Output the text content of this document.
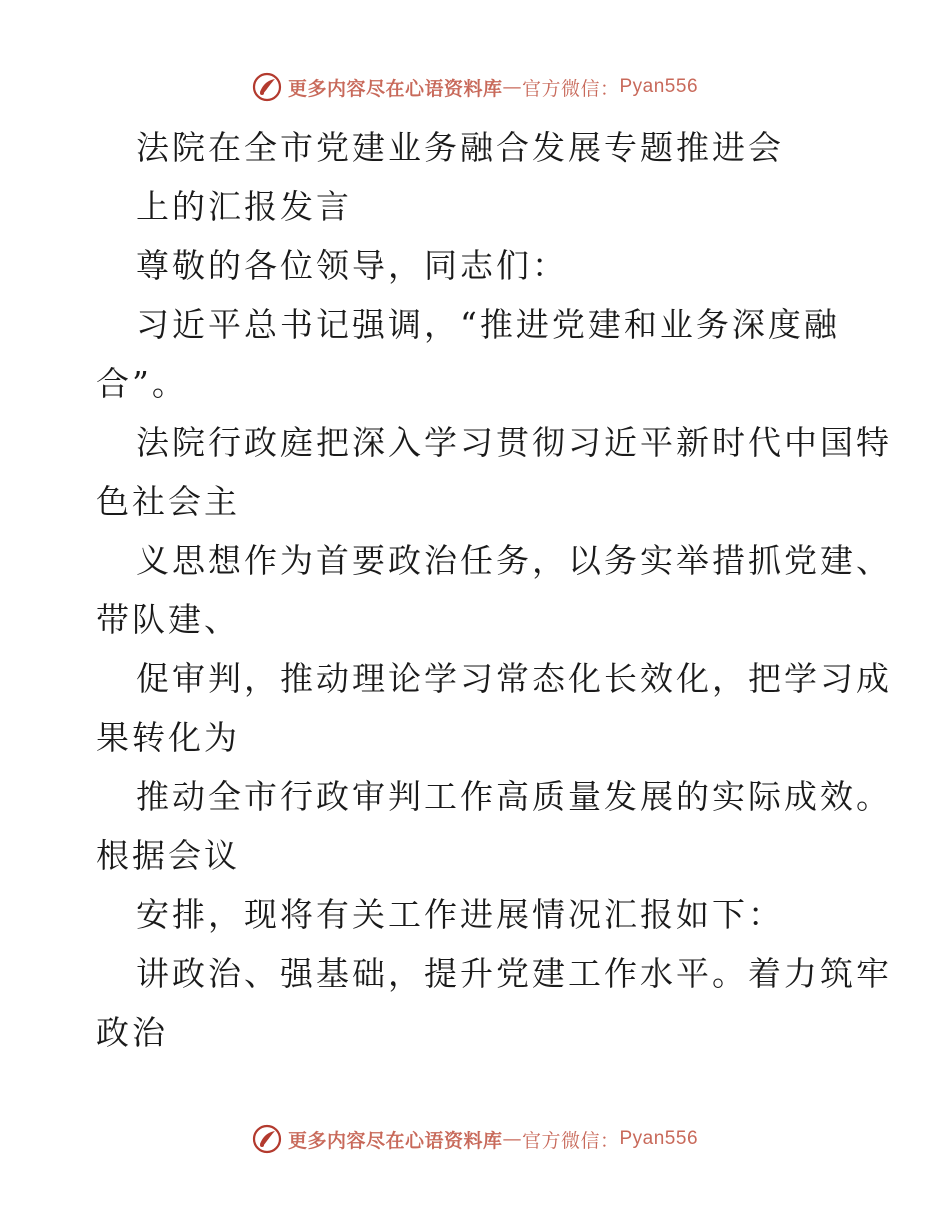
更多内容尽在心语资料库 — 官方微信： Pyan556
法院在全市党建业务融合发展专题推进会
上的汇报发言
尊敬的各位领导，同志们：
习近平总书记强调，“推进党建和业务深度融
合”。
法院行政庭把深入学习贯彻习近平新时代中国特
色社会主
义思想作为首要政治任务，以务实举措抓党建、
带队建、
促审判，推动理论学习常态化长效化，把学习成
果转化为
推动全市行政审判工作高质量发展的实际成效。
根据会议
安排，现将有关工作进展情况汇报如下：
讲政治、强基础，提升党建工作水平。着力筑牢
政治
更多内容尽在心语资料库 — 官方微信： Pyan556
